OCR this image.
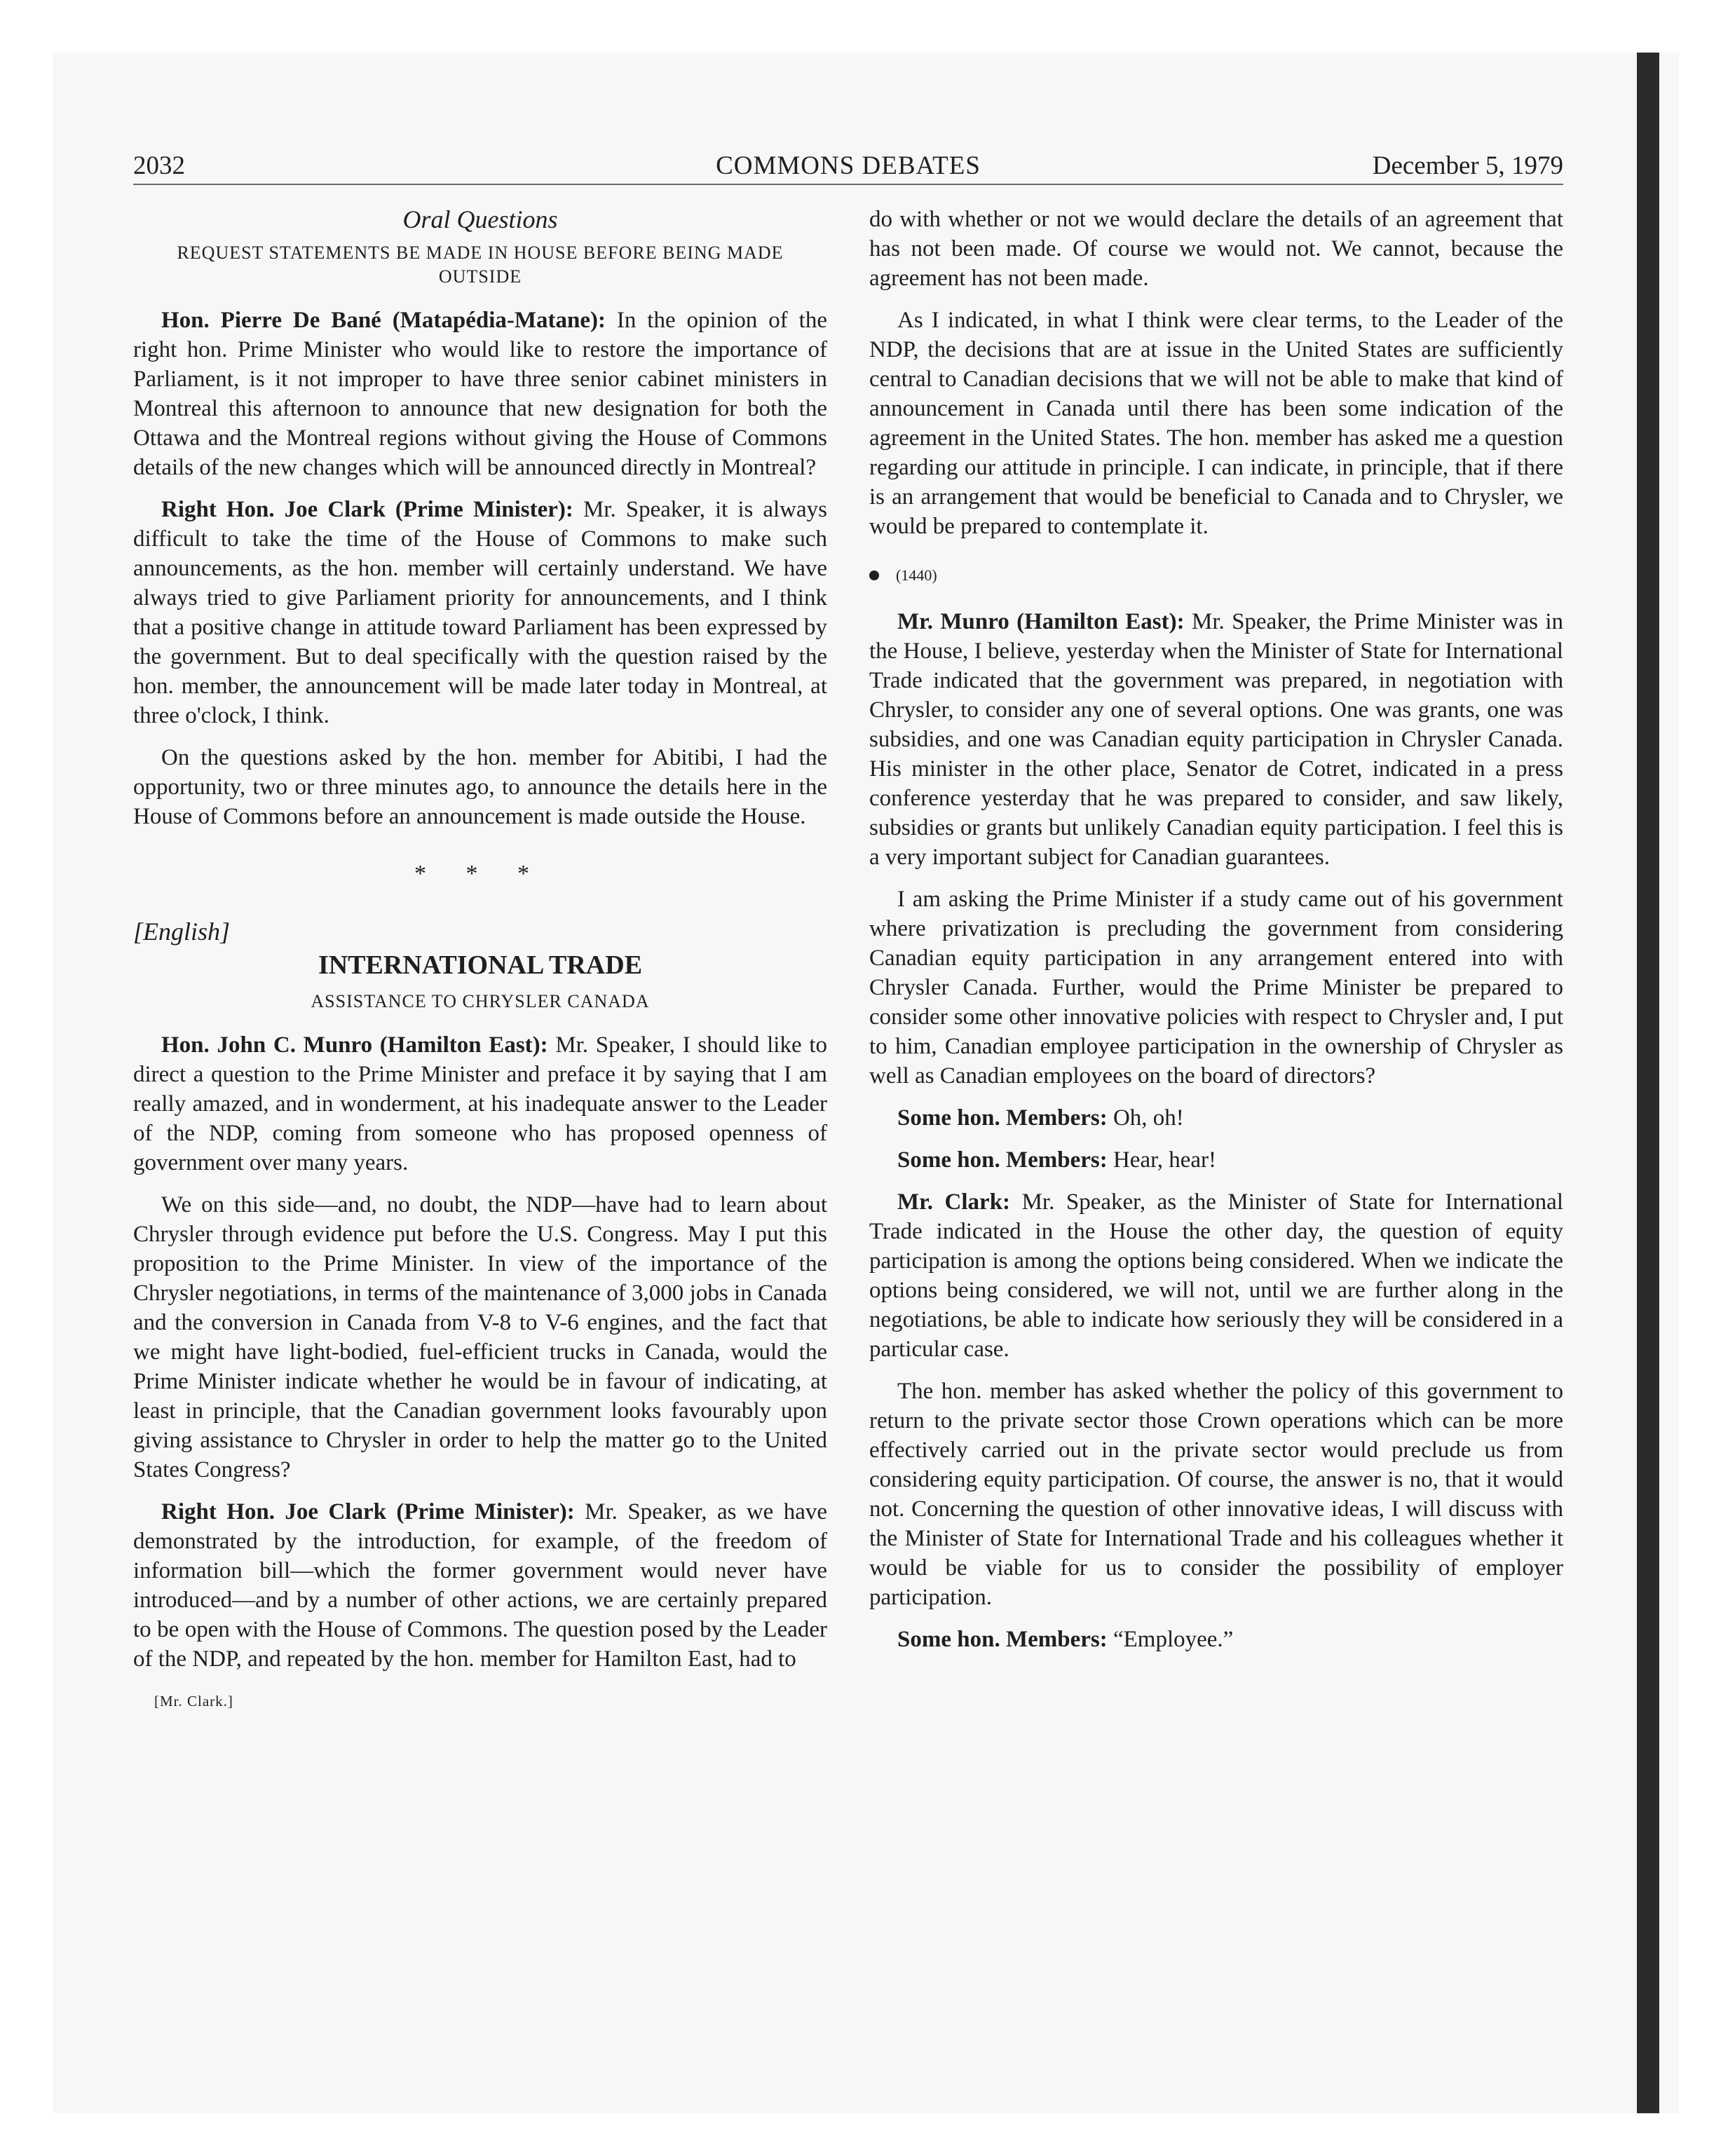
2032	COMMONS DEBATES	December 5, 1979
Oral Questions
REQUEST STATEMENTS BE MADE IN HOUSE BEFORE BEING MADE OUTSIDE

Hon. Pierre De Bané (Matapédia-Matane): In the opinion of the right hon. Prime Minister who would like to restore the importance of Parliament, is it not improper to have three senior cabinet ministers in Montreal this afternoon to announce that new designation for both the Ottawa and the Montreal regions without giving the House of Commons details of the new changes which will be announced directly in Montreal?

Right Hon. Joe Clark (Prime Minister): Mr. Speaker, it is always difficult to take the time of the House of Commons to make such announcements, as the hon. member will certainly understand. We have always tried to give Parliament priority for announcements, and I think that a positive change in attitude toward Parliament has been expressed by the government. But to deal specifically with the question raised by the hon. member, the announcement will be made later today in Montreal, at three o'clock, I think.

On the questions asked by the hon. member for Abitibi, I had the opportunity, two or three minutes ago, to announce the details here in the House of Commons before an announcement is made outside the House.

* * *
[English]
INTERNATIONAL TRADE
ASSISTANCE TO CHRYSLER CANADA

Hon. John C. Munro (Hamilton East): Mr. Speaker, I should like to direct a question to the Prime Minister and preface it by saying that I am really amazed, and in wonderment, at his inadequate answer to the Leader of the NDP, coming from someone who has proposed openness of government over many years.

We on this side—and, no doubt, the NDP—have had to learn about Chrysler through evidence put before the U.S. Congress. May I put this proposition to the Prime Minister. In view of the importance of the Chrysler negotiations, in terms of the maintenance of 3,000 jobs in Canada and the conversion in Canada from V-8 to V-6 engines, and the fact that we might have light-bodied, fuel-efficient trucks in Canada, would the Prime Minister indicate whether he would be in favour of indicating, at least in principle, that the Canadian government looks favourably upon giving assistance to Chrysler in order to help the matter go to the United States Congress?

Right Hon. Joe Clark (Prime Minister): Mr. Speaker, as we have demonstrated by the introduction, for example, of the freedom of information bill—which the former government would never have introduced—and by a number of other actions, we are certainly prepared to be open with the House of Commons. The question posed by the Leader of the NDP, and repeated by the hon. member for Hamilton East, had to

[Mr. Clark.]

do with whether or not we would declare the details of an agreement that has not been made. Of course we would not. We cannot, because the agreement has not been made.

As I indicated, in what I think were clear terms, to the Leader of the NDP, the decisions that are at issue in the United States are sufficiently central to Canadian decisions that we will not be able to make that kind of announcement in Canada until there has been some indication of the agreement in the United States. The hon. member has asked me a question regarding our attitude in principle. I can indicate, in principle, that if there is an arrangement that would be beneficial to Canada and to Chrysler, we would be prepared to contemplate it.

(1440)

Mr. Munro (Hamilton East): Mr. Speaker, the Prime Minister was in the House, I believe, yesterday when the Minister of State for International Trade indicated that the government was prepared, in negotiation with Chrysler, to consider any one of several options. One was grants, one was subsidies, and one was Canadian equity participation in Chrysler Canada. His minister in the other place, Senator de Cotret, indicated in a press conference yesterday that he was prepared to consider, and saw likely, subsidies or grants but unlikely Canadian equity participation. I feel this is a very important subject for Canadian guarantees.

I am asking the Prime Minister if a study came out of his government where privatization is precluding the government from considering Canadian equity participation in any arrangement entered into with Chrysler Canada. Further, would the Prime Minister be prepared to consider some other innovative policies with respect to Chrysler and, I put to him, Canadian employee participation in the ownership of Chrysler as well as Canadian employees on the board of directors?

Some hon. Members: Oh, oh!

Some hon. Members: Hear, hear!

Mr. Clark: Mr. Speaker, as the Minister of State for International Trade indicated in the House the other day, the question of equity participation is among the options being considered. When we indicate the options being considered, we will not, until we are further along in the negotiations, be able to indicate how seriously they will be considered in a particular case.

The hon. member has asked whether the policy of this government to return to the private sector those Crown operations which can be more effectively carried out in the private sector would preclude us from considering equity participation. Of course, the answer is no, that it would not. Concerning the question of other innovative ideas, I will discuss with the Minister of State for International Trade and his colleagues whether it would be viable for us to consider the possibility of employer participation.

Some hon. Members: “Employee.”
